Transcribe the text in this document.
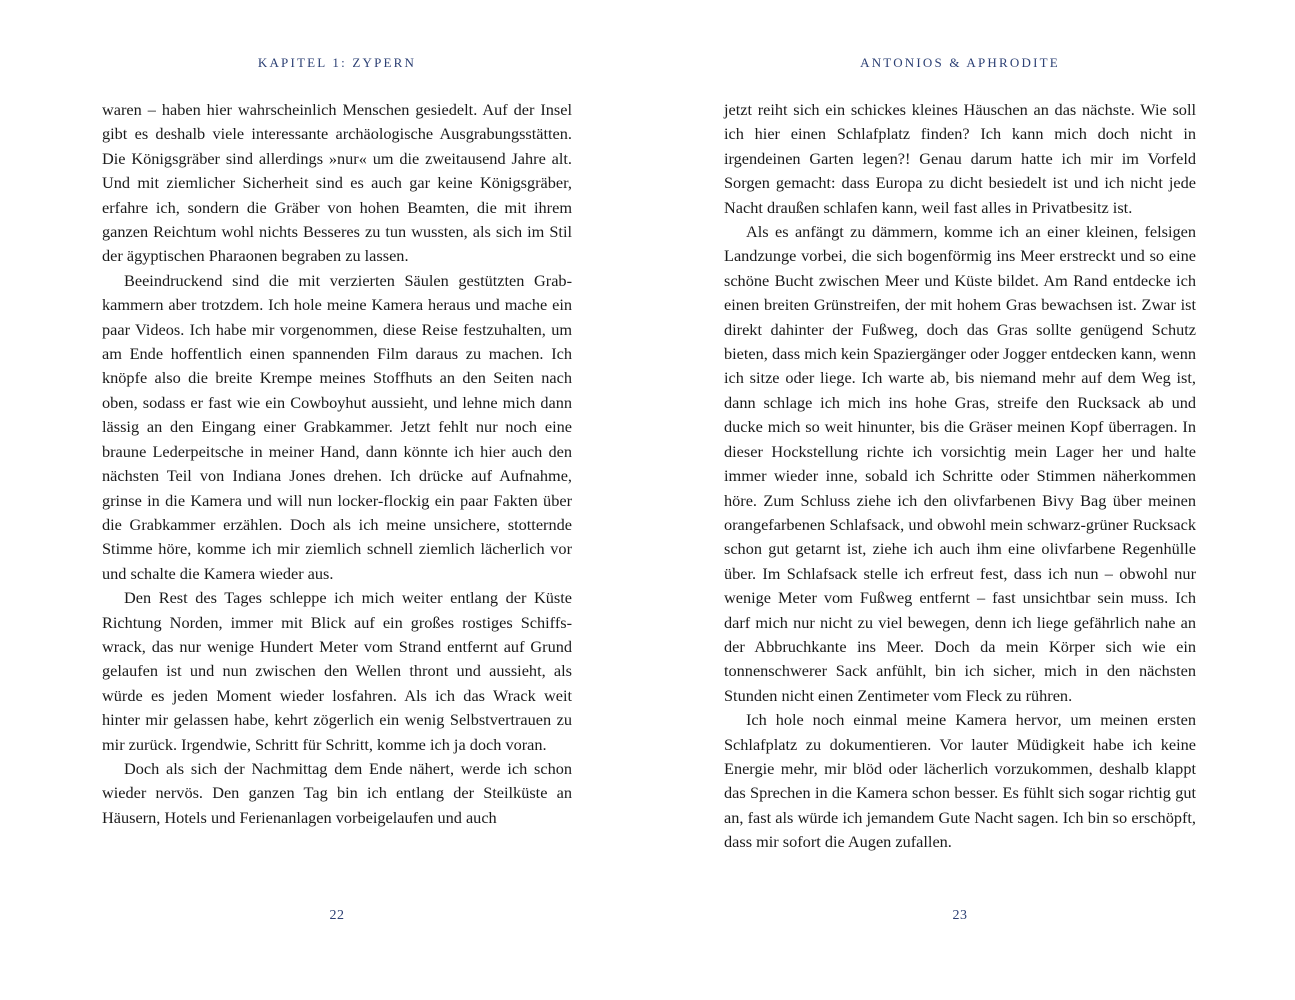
KAPITEL 1: ZYPERN

waren – haben hier wahrscheinlich Menschen gesiedelt. Auf der Insel gibt es deshalb viele interessante archäologische Ausgrabungsstätten. Die Königsgräber sind allerdings »nur« um die zweitausend Jahre alt. Und mit ziemlicher Sicherheit sind es auch gar keine Königsgräber, erfahre ich, sondern die Gräber von hohen Beamten, die mit ihrem ganzen Reichtum wohl nichts Besseres zu tun wussten, als sich im Stil der ägyptischen Pharaonen begraben zu lassen.

Beeindruckend sind die mit verzierten Säulen gestützten Grabkammern aber trotzdem. Ich hole meine Kamera heraus und mache ein paar Videos. Ich habe mir vorgenommen, diese Reise festzuhalten, um am Ende hoffentlich einen spannenden Film daraus zu machen. Ich knöpfe also die breite Krempe meines Stoffhuts an den Seiten nach oben, sodass er fast wie ein Cowboyhut aussieht, und lehne mich dann lässig an den Eingang einer Grabkammer. Jetzt fehlt nur noch eine braune Lederpeitsche in meiner Hand, dann könnte ich hier auch den nächsten Teil von Indiana Jones drehen. Ich drücke auf Aufnahme, grinse in die Kamera und will nun locker-flockig ein paar Fakten über die Grabkammer erzählen. Doch als ich meine unsichere, stotternde Stimme höre, komme ich mir ziemlich schnell ziemlich lächerlich vor und schalte die Kamera wieder aus.

Den Rest des Tages schleppe ich mich weiter entlang der Küste Richtung Norden, immer mit Blick auf ein großes rostiges Schiffswrack, das nur wenige Hundert Meter vom Strand entfernt auf Grund gelaufen ist und nun zwischen den Wellen thront und aussieht, als würde es jeden Moment wieder losfahren. Als ich das Wrack weit hinter mir gelassen habe, kehrt zögerlich ein wenig Selbstvertrauen zu mir zurück. Irgendwie, Schritt für Schritt, komme ich ja doch voran.

Doch als sich der Nachmittag dem Ende nähert, werde ich schon wieder nervös. Den ganzen Tag bin ich entlang der Steilküste an Häusern, Hotels und Ferienanlagen vorbeigelaufen und auch

22
ANTONIOS & APHRODITE

jetzt reiht sich ein schickes kleines Häuschen an das nächste. Wie soll ich hier einen Schlafplatz finden? Ich kann mich doch nicht in irgendeinen Garten legen?! Genau darum hatte ich mir im Vorfeld Sorgen gemacht: dass Europa zu dicht besiedelt ist und ich nicht jede Nacht draußen schlafen kann, weil fast alles in Privatbesitz ist.

Als es anfängt zu dämmern, komme ich an einer kleinen, felsigen Landzunge vorbei, die sich bogenförmig ins Meer erstreckt und so eine schöne Bucht zwischen Meer und Küste bildet. Am Rand entdecke ich einen breiten Grünstreifen, der mit hohem Gras bewachsen ist. Zwar ist direkt dahinter der Fußweg, doch das Gras sollte genügend Schutz bieten, dass mich kein Spaziergänger oder Jogger entdecken kann, wenn ich sitze oder liege. Ich warte ab, bis niemand mehr auf dem Weg ist, dann schlage ich mich ins hohe Gras, streife den Rucksack ab und ducke mich so weit hinunter, bis die Gräser meinen Kopf überragen. In dieser Hockstellung richte ich vorsichtig mein Lager her und halte immer wieder inne, sobald ich Schritte oder Stimmen näherkommen höre. Zum Schluss ziehe ich den olivfarbenen Bivy Bag über meinen orangefarbenen Schlafsack, und obwohl mein schwarz-grüner Rucksack schon gut getarnt ist, ziehe ich auch ihm eine olivfarbene Regenhülle über. Im Schlafsack stelle ich erfreut fest, dass ich nun – obwohl nur wenige Meter vom Fußweg entfernt – fast unsichtbar sein muss. Ich darf mich nur nicht zu viel bewegen, denn ich liege gefährlich nahe an der Abbruchkante ins Meer. Doch da mein Körper sich wie ein tonnenschwerer Sack anfühlt, bin ich sicher, mich in den nächsten Stunden nicht einen Zentimeter vom Fleck zu rühren.

Ich hole noch einmal meine Kamera hervor, um meinen ersten Schlafplatz zu dokumentieren. Vor lauter Müdigkeit habe ich keine Energie mehr, mir blöd oder lächerlich vorzukommen, deshalb klappt das Sprechen in die Kamera schon besser. Es fühlt sich sogar richtig gut an, fast als würde ich jemandem Gute Nacht sagen. Ich bin so erschöpft, dass mir sofort die Augen zufallen.

23
